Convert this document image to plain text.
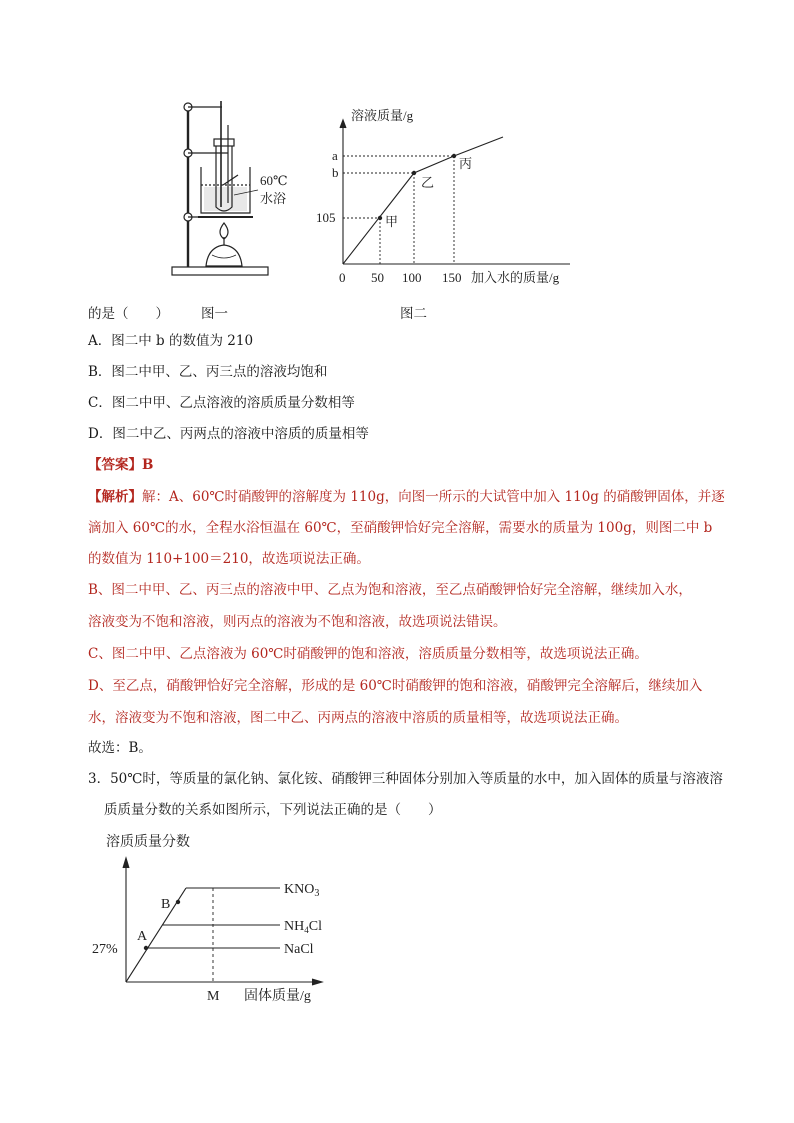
60℃
水浴
溶液质量/g
加入水的质量/g
a
b
105
0 50 100 150
甲
乙
丙
的是（　　） 图一	图二
A．图二中 b 的数值为 210
B．图二中甲、乙、丙三点的溶液均饱和
C．图二中甲、乙点溶液的溶质质量分数相等
D．图二中乙、丙两点的溶液中溶质的质量相等
【答案】B
【解析】解：A、60℃时硝酸钾的溶解度为 110g，向图一所示的大试管中加入 110g 的硝酸钾固体，并逐
滴加入 60℃的水，全程水浴恒温在 60℃，至硝酸钾恰好完全溶解，需要水的质量为 100g，则图二中 b
的数值为 110+100＝210，故选项说法正确。
B、图二中甲、乙、丙三点的溶液中甲、乙点为饱和溶液，至乙点硝酸钾恰好完全溶解，继续加入水，
溶液变为不饱和溶液，则丙点的溶液为不饱和溶液，故选项说法错误。
C、图二中甲、乙点溶液为 60℃时硝酸钾的饱和溶液，溶质质量分数相等，故选项说法正确。
D、至乙点，硝酸钾恰好完全溶解，形成的是 60℃时硝酸钾的饱和溶液，硝酸钾完全溶解后，继续加入
水，溶液变为不饱和溶液，图二中乙、丙两点的溶液中溶质的质量相等，故选项说法正确。
故选：B。
3．50℃时，等质量的氯化钠、氯化铵、硝酸钾三种固体分别加入等质量的水中，加入固体的质量与溶液溶
质质量分数的关系如图所示，下列说法正确的是（　　）
溶质质量分数
固体质量/g
27%
M
A
B
$KNO_3$
$NH_4Cl$
NaCl
